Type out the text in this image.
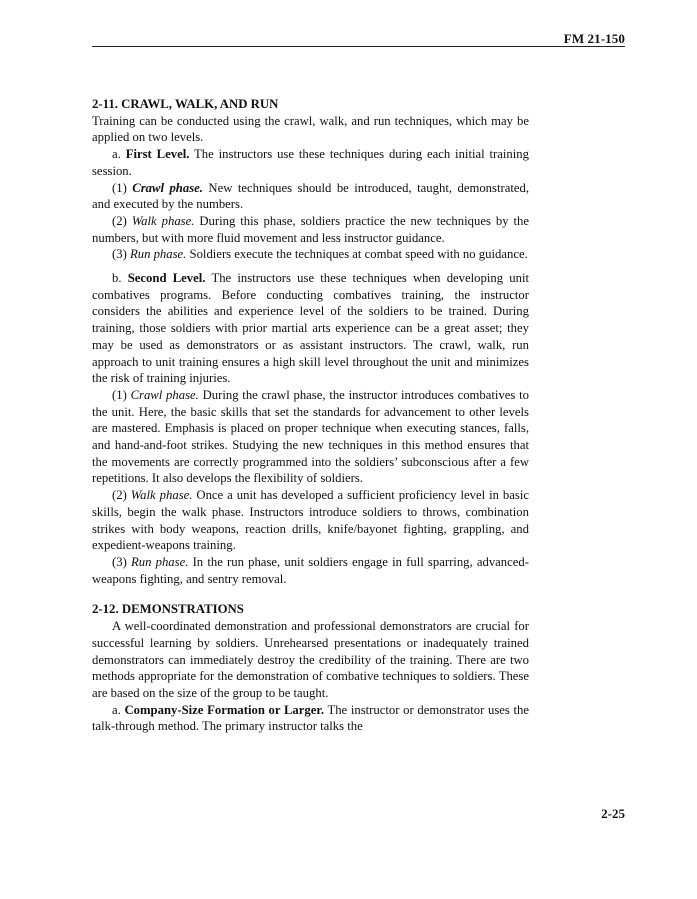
FM 21-150

2-11. CRAWL, WALK, AND RUN

Training can be conducted using the crawl, walk, and run techniques, which may be applied on two levels.

a. First Level. The instructors use these techniques during each initial training session.

(1) Crawl phase. New techniques should be introduced, taught, demonstrated, and executed by the numbers.

(2) Walk phase. During this phase, soldiers practice the new techniques by the numbers, but with more fluid movement and less instructor guidance.

(3) Run phase. Soldiers execute the techniques at combat speed with no guidance.

b. Second Level. The instructors use these techniques when developing unit combatives programs. Before conducting combatives training, the instructor considers the abilities and experience level of the soldiers to be trained. During training, those soldiers with prior martial arts experience can be a great asset; they may be used as demonstrators or as assistant instructors. The crawl, walk, run approach to unit training ensures a high skill level throughout the unit and minimizes the risk of training injuries.

(1) Crawl phase. During the crawl phase, the instructor introduces combatives to the unit. Here, the basic skills that set the standards for advancement to other levels are mastered. Emphasis is placed on proper technique when executing stances, falls, and hand-and-foot strikes. Studying the new techniques in this method ensures that the movements are correctly programmed into the soldiers’ subconscious after a few repetitions. It also develops the flexibility of soldiers.

(2) Walk phase. Once a unit has developed a sufficient proficiency level in basic skills, begin the walk phase. Instructors introduce soldiers to throws, combination strikes with body weapons, reaction drills, knife/bayonet fighting, grappling, and expedient-weapons training.

(3) Run phase. In the run phase, unit soldiers engage in full sparring, advanced-weapons fighting, and sentry removal.

2-12. DEMONSTRATIONS

A well-coordinated demonstration and professional demonstrators are crucial for successful learning by soldiers. Unrehearsed presentations or inadequately trained demonstrators can immediately destroy the credibility of the training. There are two methods appropriate for the demonstration of combative techniques to soldiers. These are based on the size of the group to be taught.

a. Company-Size Formation or Larger. The instructor or demonstrator uses the talk-through method. The primary instructor talks the

2-25
